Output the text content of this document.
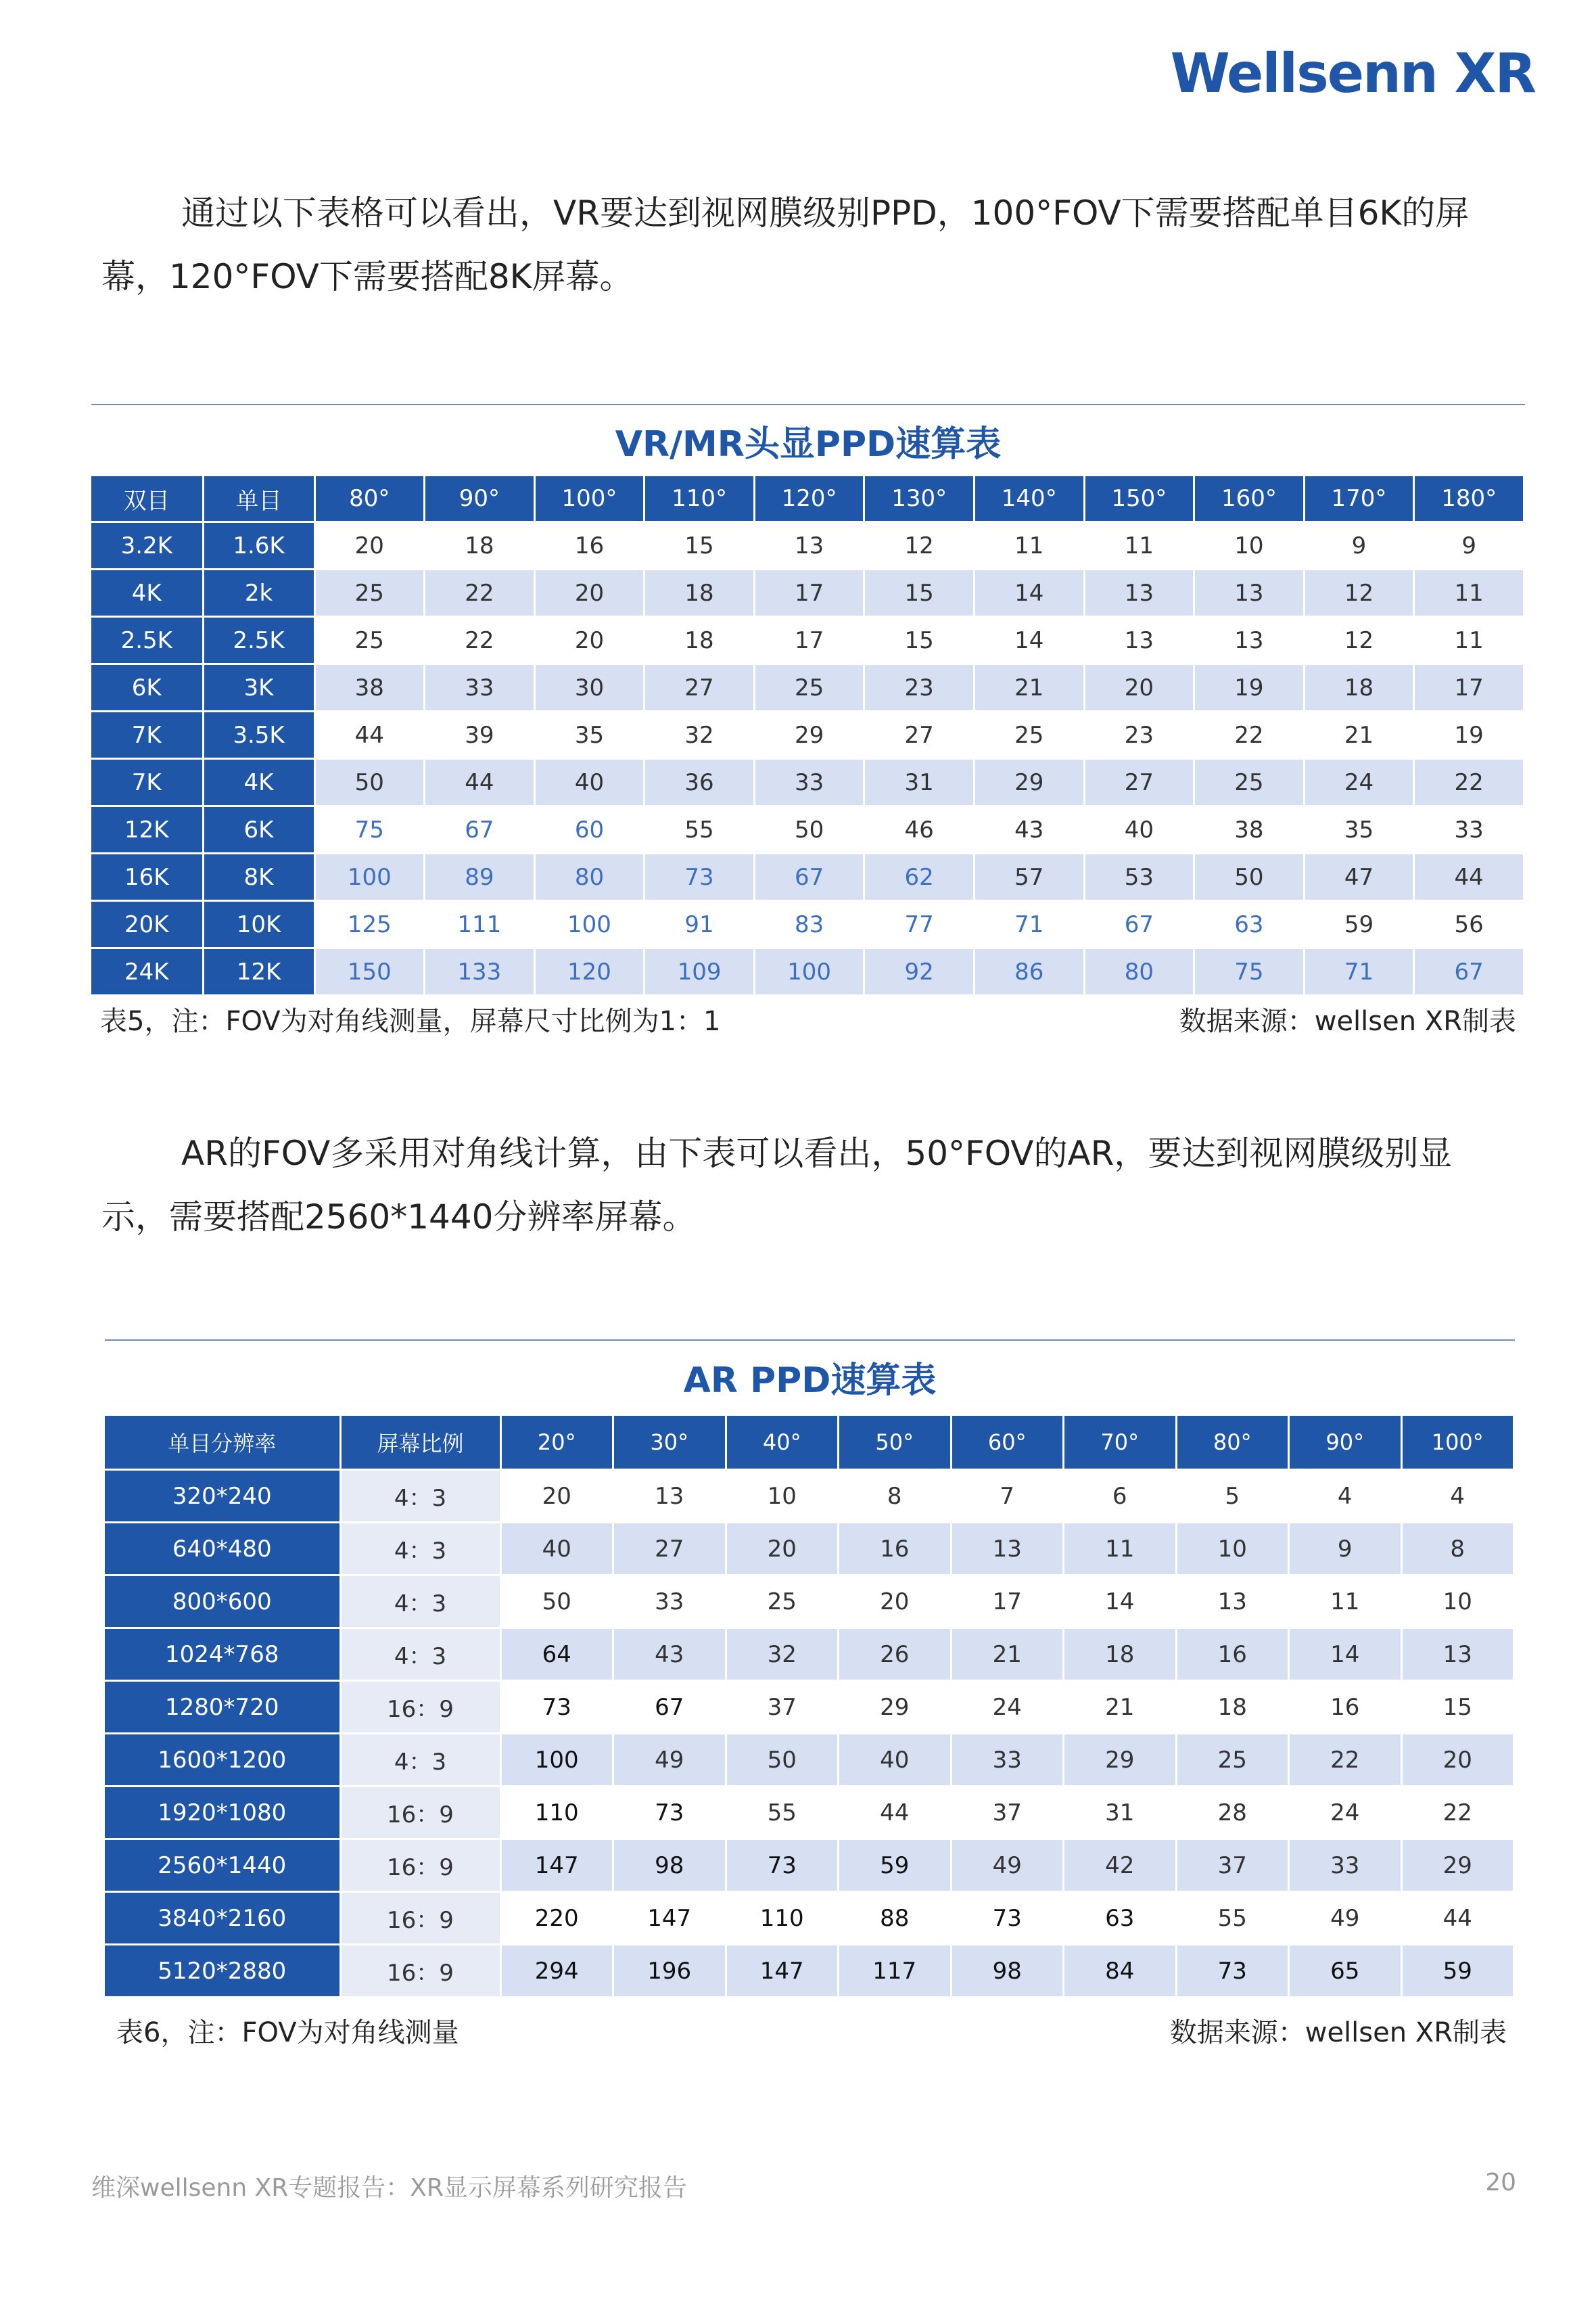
Wellsenn XR

通过以下表格可以看出，VR要达到视网膜级别PPD，100°FOV下需要搭配单目6K的屏幕，120°FOV下需要搭配8K屏幕。

VR/MR头显PPD速算表
双目	单目	80°	90°	100°	110°	120°	130°	140°	150°	160°	170°	180°
3.2K	1.6K	20	18	16	15	13	12	11	11	10	9	9
4K	2k	25	22	20	18	17	15	14	13	13	12	11
2.5K	2.5K	25	22	20	18	17	15	14	13	13	12	11
6K	3K	38	33	30	27	25	23	21	20	19	18	17
7K	3.5K	44	39	35	32	29	27	25	23	22	21	19
7K	4K	50	44	40	36	33	31	29	27	25	24	22
12K	6K	75	67	60	55	50	46	43	40	38	35	33
16K	8K	100	89	80	73	67	62	57	53	50	47	44
20K	10K	125	111	100	91	83	77	71	67	63	59	56
24K	12K	150	133	120	109	100	92	86	80	75	71	67
表5，注：FOV为对角线测量，屏幕尺寸比例为1：1	数据来源：wellsen XR制表

AR的FOV多采用对角线计算，由下表可以看出，50°FOV的AR，要达到视网膜级别显示，需要搭配2560*1440分辨率屏幕。

AR PPD速算表
单目分辨率	屏幕比例	20°	30°	40°	50°	60°	70°	80°	90°	100°
320*240	4：3	20	13	10	8	7	6	5	4	4
640*480	4：3	40	27	20	16	13	11	10	9	8
800*600	4：3	50	33	25	20	17	14	13	11	10
1024*768	4：3	64	43	32	26	21	18	16	14	13
1280*720	16：9	73	67	37	29	24	21	18	16	15
1600*1200	4：3	100	49	50	40	33	29	25	22	20
1920*1080	16：9	110	73	55	44	37	31	28	24	22
2560*1440	16：9	147	98	73	59	49	42	37	33	29
3840*2160	16：9	220	147	110	88	73	63	55	49	44
5120*2880	16：9	294	196	147	117	98	84	73	65	59
表6，注：FOV为对角线测量	数据来源：wellsen XR制表
维深wellsenn XR专题报告：XR显示屏幕系列研究报告	20
